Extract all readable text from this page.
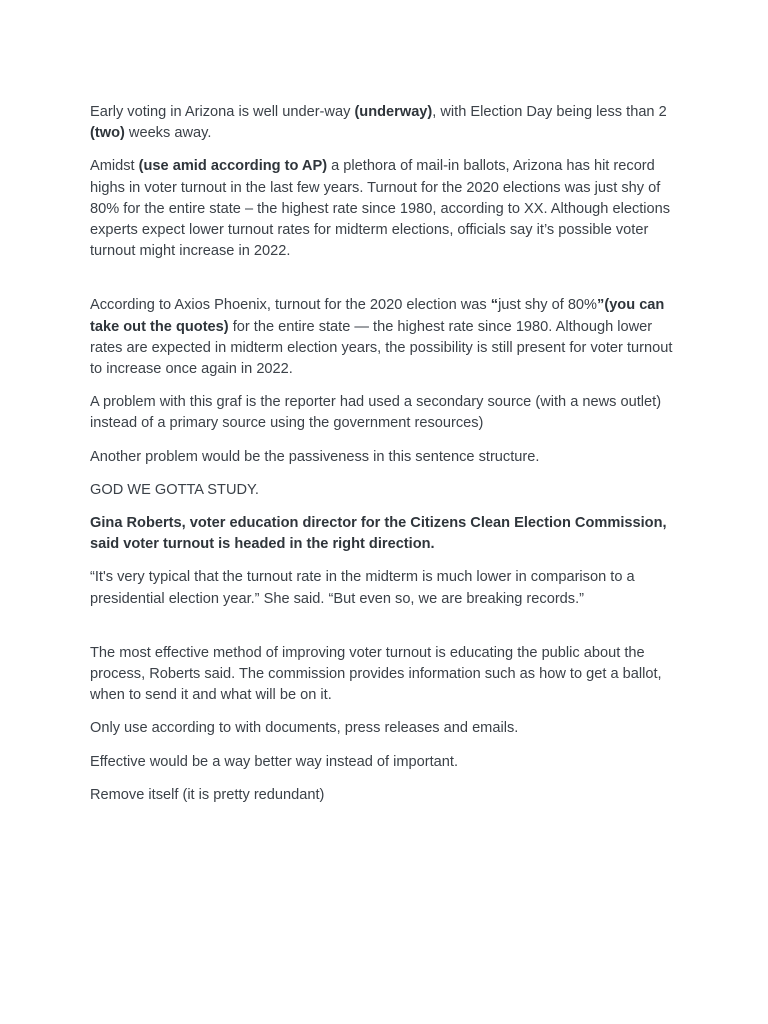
Early voting in Arizona is well under-way (underway), with Election Day being less than 2 (two) weeks away.

Amidst (use amid according to AP) a plethora of mail-in ballots, Arizona has hit record highs in voter turnout in the last few years. Turnout for the 2020 elections was just shy of 80% for the entire state – the highest rate since 1980, according to XX. Although elections experts expect lower turnout rates for midterm elections, officials say it’s possible voter turnout might increase in 2022.

According to Axios Phoenix, turnout for the 2020 election was “just shy of 80%”(you can take out the quotes) for the entire state — the highest rate since 1980. Although lower rates are expected in midterm election years, the possibility is still present for voter turnout to increase once again in 2022.

A problem with this graf is the reporter had used a secondary source (with a news outlet) instead of a primary source using the government resources)

Another problem would be the passiveness in this sentence structure.

GOD WE GOTTA STUDY.

Gina Roberts, voter education director for the Citizens Clean Election Commission, said voter turnout is headed in the right direction.

“It's very typical that the turnout rate in the midterm is much lower in comparison to a presidential election year.” She said. “But even so, we are breaking records.”

The most effective method of improving voter turnout is educating the public about the process, Roberts said. The commission provides information such as how to get a ballot, when to send it and what will be on it.

Only use according to with documents, press releases and emails.

Effective would be a way better way instead of important.

Remove itself (it is pretty redundant)
